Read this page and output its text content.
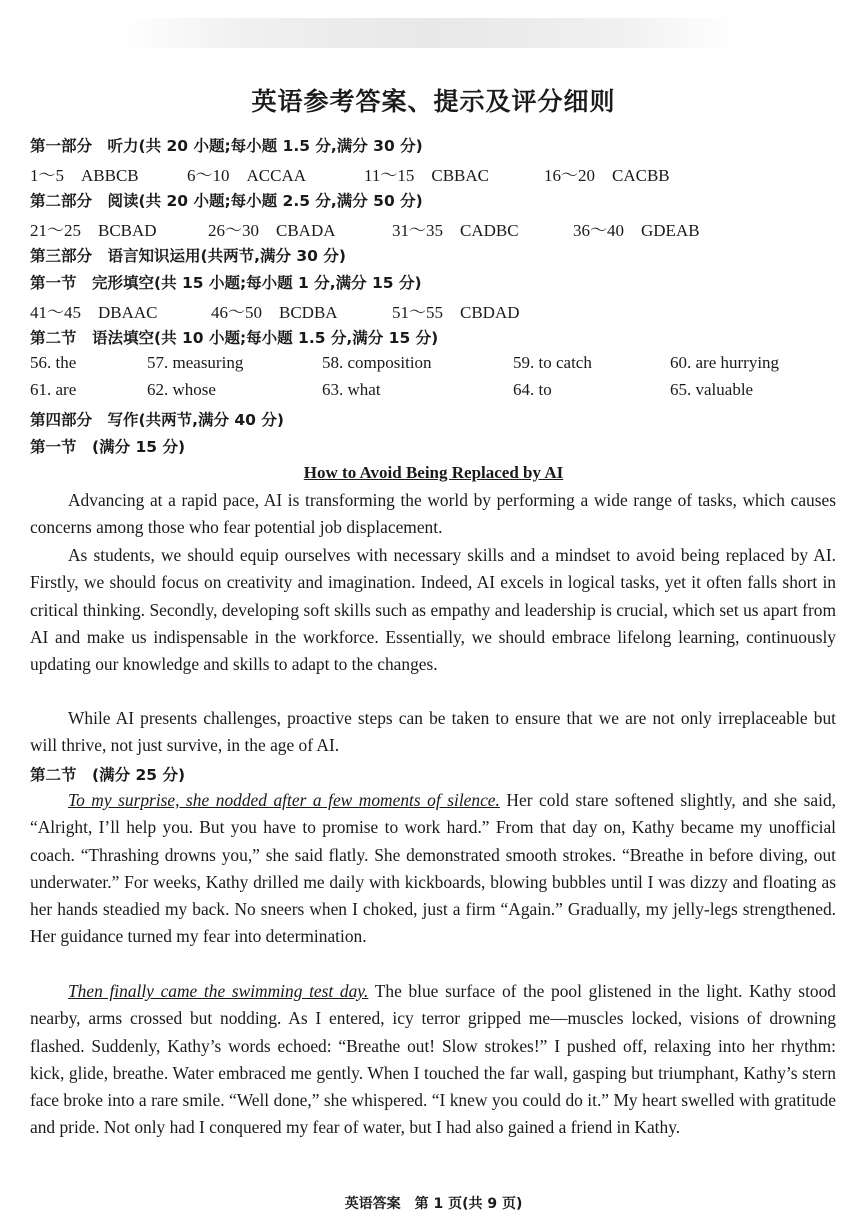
英语参考答案、提示及评分细则
第一部分　听力(共 20 小题;每小题 1.5 分,满分 30 分)
1～5　ABBCB	6～10　ACCAA	11～15　CBBAC	16～20　CACBB
第二部分　阅读(共 20 小题;每小题 2.5 分,满分 50 分)
21～25　BCBAD	26～30　CBADA	31～35　CADBC	36～40　GDEAB
第三部分　语言知识运用(共两节,满分 30 分)
第一节　完形填空(共 15 小题;每小题 1 分,满分 15 分)
41～45　DBAAC	46～50　BCDBA	51～55　CBDAD
第二节　语法填空(共 10 小题;每小题 1.5 分,满分 15 分)
56. the	57. measuring	58. composition	59. to catch	60. are hurrying
61. are	62. whose	63. what	64. to	65. valuable
第四部分　写作(共两节,满分 40 分)
第一节　(满分 15 分)
How to Avoid Being Replaced by AI

Advancing at a rapid pace, AI is transforming the world by performing a wide range of tasks, which causes concerns among those who fear potential job displacement.

As students, we should equip ourselves with necessary skills and a mindset to avoid being replaced by AI. Firstly, we should focus on creativity and imagination. Indeed, AI excels in logical tasks, yet it often falls short in critical thinking. Secondly, developing soft skills such as empathy and leadership is crucial, which set us apart from AI and make us indispensable in the workforce. Essentially, we should embrace lifelong learning, continuously updating our knowledge and skills to adapt to the changes.

While AI presents challenges, proactive steps can be taken to ensure that we are not only irreplaceable but will thrive, not just survive, in the age of AI.

第二节　(满分 25 分)

To my surprise, she nodded after a few moments of silence. Her cold stare softened slightly, and she said, “Alright, I’ll help you. But you have to promise to work hard.” From that day on, Kathy became my unofficial coach. “Thrashing drowns you,” she said flatly. She demonstrated smooth strokes. “Breathe in before diving, out underwater.” For weeks, Kathy drilled me daily with kickboards, blowing bubbles until I was dizzy and floating as her hands steadied my back. No sneers when I choked, just a firm “Again.” Gradually, my jelly-legs strengthened. Her guidance turned my fear into determination.

Then finally came the swimming test day. The blue surface of the pool glistened in the light. Kathy stood nearby, arms crossed but nodding. As I entered, icy terror gripped me—muscles locked, visions of drowning flashed. Suddenly, Kathy’s words echoed: “Breathe out! Slow strokes!” I pushed off, relaxing into her rhythm: kick, glide, breathe. Water embraced me gently. When I touched the far wall, gasping but triumphant, Kathy’s stern face broke into a rare smile. “Well done,” she whispered. “I knew you could do it.” My heart swelled with gratitude and pride. Not only had I conquered my fear of water, but I had also gained a friend in Kathy.

英语答案　第 1 页(共 9 页)
